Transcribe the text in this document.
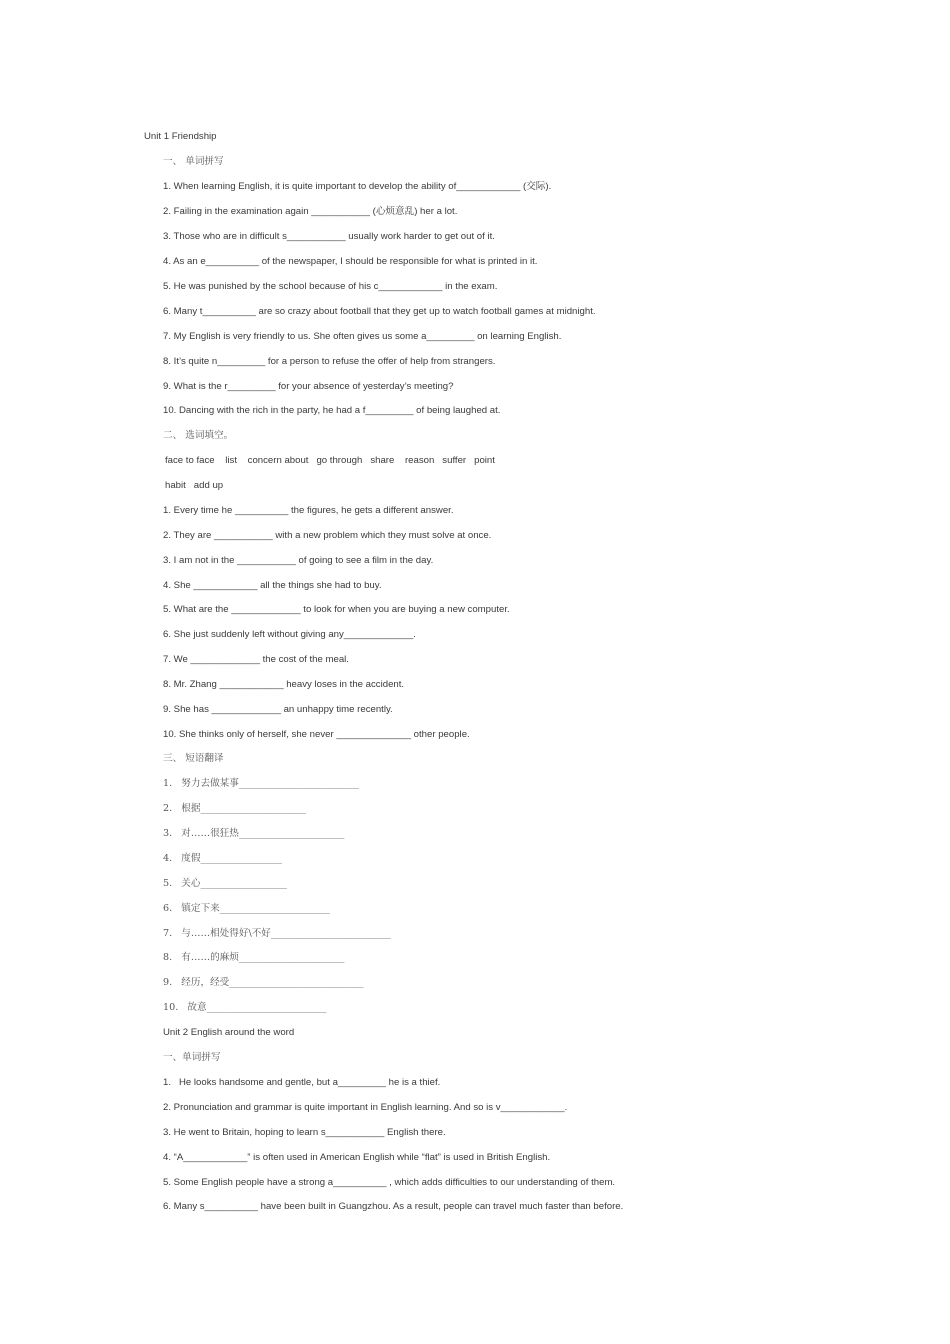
Unit 1 Friendship
一、 单词拼写
1. When learning English, it is quite important to develop the ability of____________ (交际).
2. Failing in the examination again ___________ (心烦意乱) her a lot.
3. Those who are in difficult s___________ usually work harder to get out of it.
4. As an e__________ of the newspaper, I should be responsible for what is printed in it.
5. He was punished by the school because of his c____________ in the exam.
6. Many t__________ are so crazy about football that they get up to watch football games at midnight.
7. My English is very friendly to us. She often gives us some a_________ on learning English.
8. It’s quite n_________ for a person to refuse the offer of help from strangers.
9. What is the r_________ for your absence of yesterday’s meeting?
10. Dancing with the rich in the party, he had a f_________ of being laughed at.
二、 选词填空。
face to face    list    concern about   go through   share    reason   suffer   point
habit   add up
1. Every time he __________ the figures, he gets a different answer.
2. They are ___________ with a new problem which they must solve at once.
3. I am not in the ___________ of going to see a film in the day.
4. She ____________ all the things she had to buy.
5. What are the _____________ to look for when you are buying a new computer.
6. She just suddenly left without giving any_____________.
7. We _____________ the cost of the meal.
8. Mr. Zhang ____________ heavy loses in the accident.
9. She has _____________ an unhappy time recently.
10. She thinks only of herself, she never ______________ other people.
三、 短语翻译
1.   努力去做某事_________________________
2.   根据______________________
3.   对……很狂热______________________
4.   度假_________________
5.   关心__________________
6.   镇定下来_______________________
7.   与……相处得好\不好_________________________
8.   有……的麻烦______________________
9.   经历，经受____________________________
10.   故意_________________________
Unit 2 English around the word
一、单词拼写
1.   He looks handsome and gentle, but a_________ he is a thief.
2. Pronunciation and grammar is quite important in English learning. And so is v____________.
3. He went to Britain, hoping to learn s___________ English there.
4. “A____________” is often used in American English while “flat” is used in British English.
5. Some English people have a strong a__________ , which adds difficulties to our understanding of them.
6. Many s__________ have been built in Guangzhou. As a result, people can travel much faster than before.
